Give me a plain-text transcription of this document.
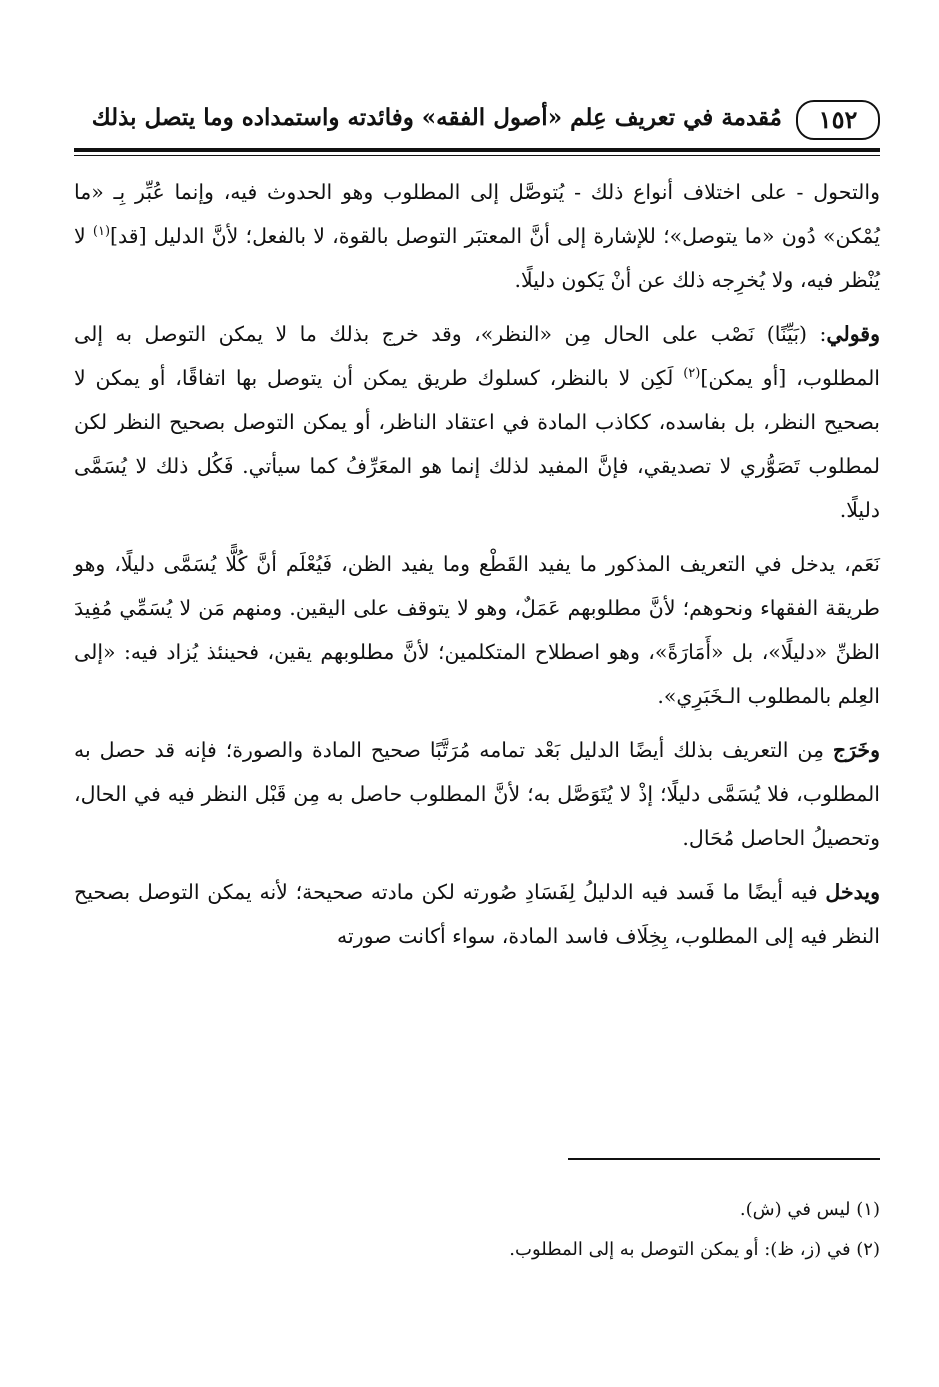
١٥٢
مُقدمة في تعريف عِلم «أصول الفقه» وفائدته واستمداده وما يتصل بذلك

والتحول - على اختلاف أنواع ذلك - يُتوصَّل إلى المطلوب وهو الحدوث فيه، وإنما عُبِّر بِـ «ما يُمْكن» دُون «ما يتوصل»؛ للإشارة إلى أنَّ المعتبَر التوصل بالقوة، لا بالفعل؛ لأنَّ الدليل [قد]$^{(١)}$ لا يُنْظر فيه، ولا يُخرِجه ذلك عن أنْ يَكون دليلًا.

وقولي: (بَيِّنًا) نَصْب على الحال مِن «النظر»، وقد خرج بذلك ما لا يمكن التوصل به إلى المطلوب، [أو يمكن]$^{(٢)}$ لَكِن لا بالنظر، كسلوك طريق يمكن أن يتوصل بها اتفاقًا، أو يمكن لا بصحيح النظر، بل بفاسده، ككاذب المادة في اعتقاد الناظر، أو يمكن التوصل بصحيح النظر لكن لمطلوب تَصَوُّري لا تصديقي، فإنَّ المفيد لذلك إنما هو المعَرِّفُ كما سيأتي. فَكُل ذلك لا يُسَمَّى دليلًا.

نَعَم، يدخل في التعريف المذكور ما يفيد القَطْع وما يفيد الظن، فَيُعْلَم أنَّ كُلًّا يُسَمَّى دليلًا، وهو طريقة الفقهاء ونحوهم؛ لأنَّ مطلوبهم عَمَلٌ، وهو لا يتوقف على اليقين. ومنهم مَن لا يُسَمِّي مُفِيدَ الظنِّ «دليلًا»، بل «أَمَارَةً»، وهو اصطلاح المتكلمين؛ لأنَّ مطلوبهم يقين، فحينئذ يُزاد فيه: «إلى العِلم بالمطلوب الـخَبَرِي».

وخَرَج مِن التعريف بذلك أيضًا الدليل بَعْد تمامه مُرَتَّبًا صحيح المادة والصورة؛ فإنه قد حصل به المطلوب، فلا يُسَمَّى دليلًا؛ إذْ لا يُتَوَصَّل به؛ لأنَّ المطلوب حاصل به مِن قَبْل النظر فيه في الحال، وتحصيلُ الحاصل مُحَال.

ويدخل فيه أيضًا ما فَسد فيه الدليلُ لِفَسَادِ صُورته لكن مادته صحيحة؛ لأنه يمكن التوصل بصحيح النظر فيه إلى المطلوب، بِخِلَاف فاسد المادة، سواء أكانت صورته

(١) ليس في (ش).

(٢) في (ز، ظ): أو يمكن التوصل به إلى المطلوب.
